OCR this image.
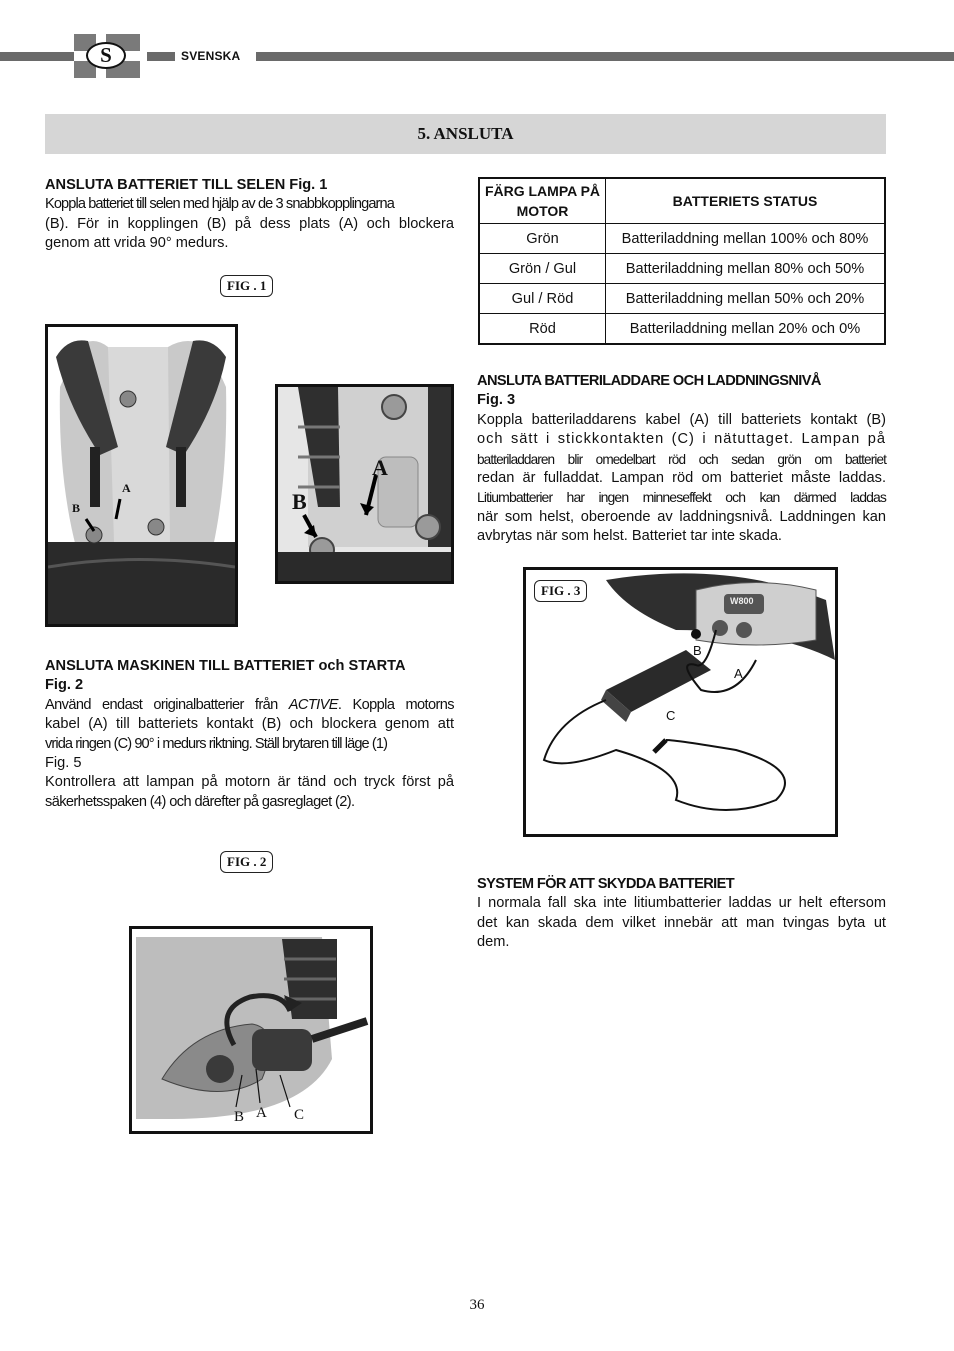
S	SVENSKA
5. ANSLUTA
ANSLUTA BATTERIET TILL SELEN Fig. 1
Koppla batteriet till selen med hjälp av de 3 snabbkopplingarna
(B). För in kopplingen (B) på dess plats (A) och blockera
genom att vrida 90° medurs.
FIG . 1
A
B
A
B
ANSLUTA MASKINEN TILL BATTERIET och STARTA
Fig. 2
Använd endast originalbatterier från ACTIVE. Koppla motorns
kabel (A) till batteriets kontakt (B) och blockera genom att
vrida ringen (C) 90° i medurs riktning. Ställ brytaren till läge (1)
Fig. 5
Kontrollera att lampan på motorn är tänd och tryck först på
säkerhetsspaken (4) och därefter på gasreglaget (2).
FIG . 2
B A C
FÄRG LAMPA PÅ MOTOR	BATTERIETS STATUS
Grön	Batteriladdning mellan 100% och 80%
Grön / Gul	Batteriladdning mellan 80% och 50%
Gul / Röd	Batteriladdning mellan 50% och 20%
Röd	Batteriladdning mellan 20% och 0%
ANSLUTA BATTERILADDARE OCH LADDNINGSNIVÅ
Fig. 3
Koppla batteriladdarens kabel (A) till batteriets kontakt (B)
och sätt i stickkontakten (C) i nätuttaget. Lampan på
batteriladdaren blir omedelbart röd och sedan grön om batteriet
redan är fulladdat. Lampan röd om batteriet måste laddas.
Litiumbatterier har ingen minneseffekt och kan därmed laddas
när som helst, oberoende av laddningsnivå. Laddningen kan
avbrytas när som helst. Batteriet tar inte skada.
W800
B
A
C
FIG . 3
SYSTEM FÖR ATT SKYDDA BATTERIET
I normala fall ska inte litiumbatterier laddas ur helt eftersom
det kan skada dem vilket innebär att man tvingas byta ut
dem.
36
